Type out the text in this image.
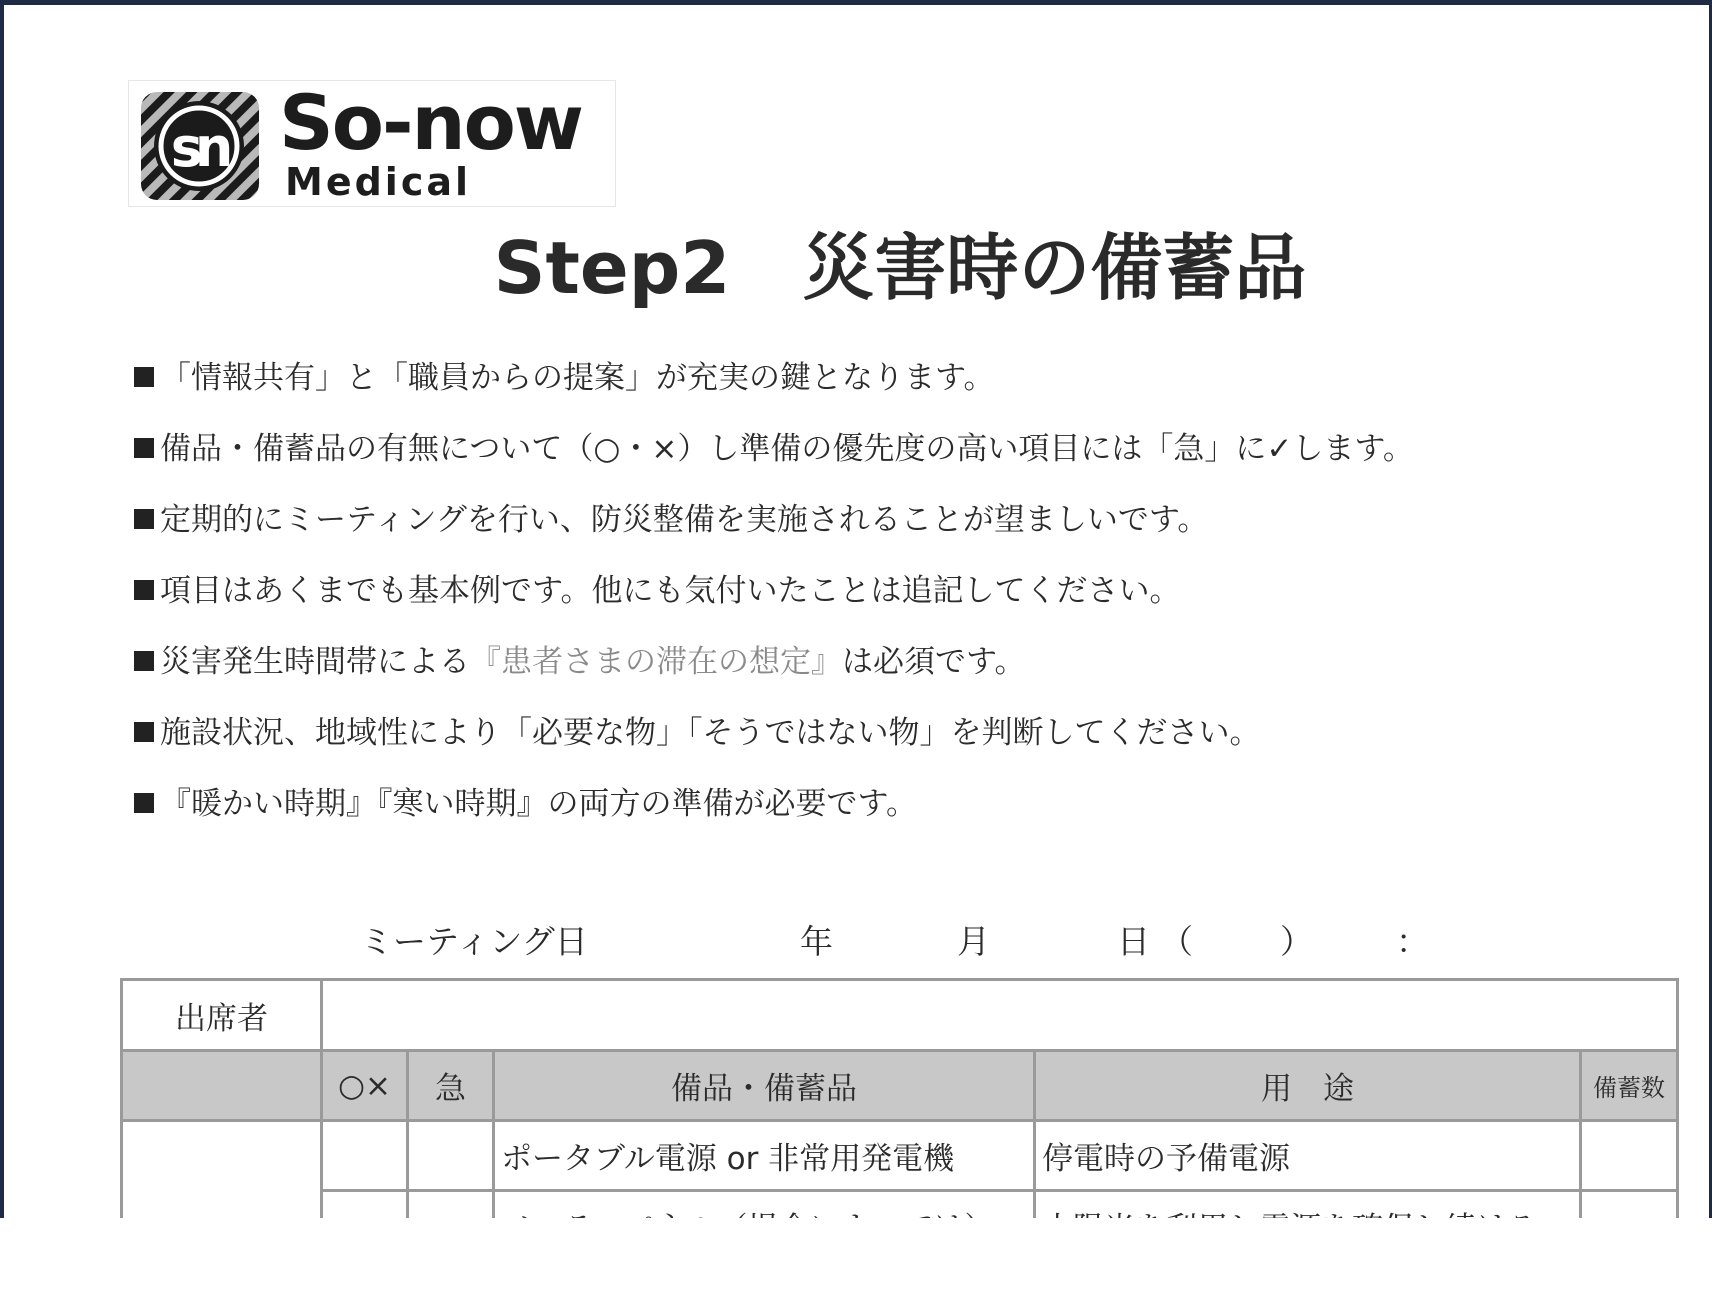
sn So-now
Medical
Step2　災害時の備蓄品
「情報共有」と「職員からの提案」が充実の鍵となります。
備品・備蓄品の有無について（○・×）し準備の優先度の高い項目には「急」に✓します。
定期的にミーティングを行い、防災整備を実施されることが望ましいです。
項目はあくまでも基本例です。他にも気付いたことは追記してください。
災害発生時間帯による『患者さまの滞在の想定』は必須です。
施設状況、地域性により「必要な物」「そうではない物」を判断してください。
『暖かい時期』『寒い時期』の両方の準備が必要です。
ミーティング日	年	月	日 （	）	：
出席者					
	○×	急	備品・備蓄品	用　途	備蓄数
			ポータブル電源 or 非常用発電機	停電時の予備電源	
